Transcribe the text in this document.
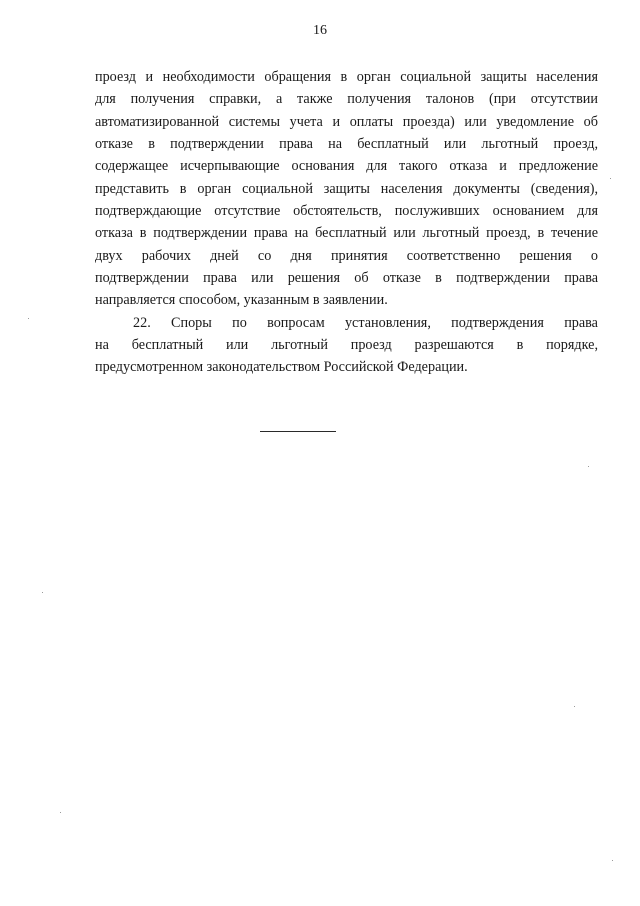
16
проезд и необходимости обращения в орган социальной защиты населения
для получения справки, а также получения талонов (при отсутствии
автоматизированной системы учета и оплаты проезда) или уведомление об
отказе в подтверждении права на бесплатный или льготный проезд,
содержащее исчерпывающие основания для такого отказа и предложение
представить в орган социальной защиты населения документы (сведения),
подтверждающие отсутствие обстоятельств, послуживших основанием для
отказа в подтверждении права на бесплатный или льготный проезд, в течение
двух рабочих дней со дня принятия соответственно решения о
подтверждении права или решения об отказе в подтверждении права
направляется способом, указанным в заявлении.
22. Споры по вопросам установления, подтверждения права
на бесплатный или льготный проезд разрешаются в порядке,
предусмотренном законодательством Российской Федерации.
